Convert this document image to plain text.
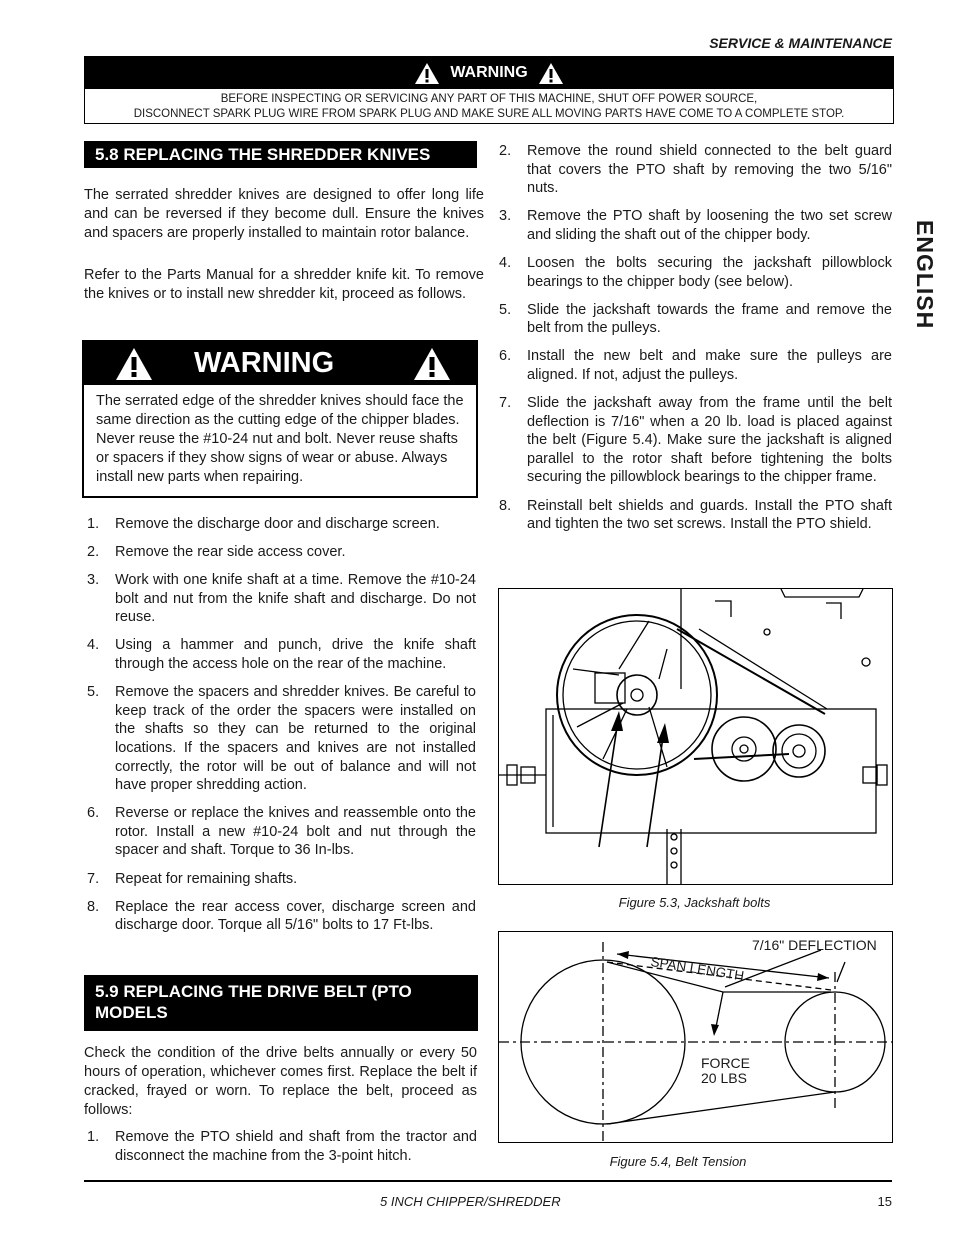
SERVICE & MAINTENANCE
WARNING
BEFORE INSPECTING OR SERVICING ANY PART OF THIS MACHINE, SHUT OFF POWER SOURCE,
DISCONNECT SPARK PLUG WIRE FROM SPARK PLUG AND MAKE SURE ALL MOVING PARTS HAVE COME TO A COMPLETE STOP.
ENGLISH
5.8 REPLACING THE SHREDDER KNIVES

The serrated shredder knives are designed to offer long life and can be reversed if they become dull. Ensure the knives and spacers are properly installed to maintain rotor balance.

Refer to the Parts Manual for a shredder knife kit. To remove the knives or to install new shredder kit, proceed as follows.

WARNING
The serrated edge of the shredder knives should face the same direction as the cutting edge of the chipper blades. Never reuse the #10-24 nut and bolt. Never reuse shafts or spacers if they show signs of wear or abuse. Always install new parts when repairing.
1. Remove the discharge door and discharge screen.
2. Remove the rear side access cover.
3. Work with one knife shaft at a time. Remove the #10-24 bolt and nut from the knife shaft and discharge. Do not reuse.
4. Using a hammer and punch, drive the knife shaft through the access hole on the rear of the machine.
5. Remove the spacers and shredder knives. Be careful to keep track of the order the spacers were installed on the shafts so they can be returned to the original locations. If the spacers and knives are not installed correctly, the rotor will be out of balance and will not have proper shredding action.
6. Reverse or replace the knives and reassemble onto the rotor. Install a new #10-24 bolt and nut through the spacer and shaft. Torque to 36 In-lbs.
7. Repeat for remaining shafts.
8. Replace the rear access cover, discharge screen and discharge door. Torque all 5/16" bolts to 17 Ft-lbs.
5.9 REPLACING THE DRIVE BELT (PTO MODELS

Check the condition of the drive belts annually or every 50 hours of operation, whichever comes first. Replace the belt if cracked, frayed or worn. To replace the belt, proceed as follows:

1. Remove the PTO shield and shaft from the tractor and disconnect the machine from the 3-point hitch.
2. Remove the round shield connected to the belt guard that covers the PTO shaft by removing the two 5/16" nuts.
3. Remove the PTO shaft by loosening the two set screw and sliding the shaft out of the chipper body.
4. Loosen the bolts securing the jackshaft pillowblock bearings to the chipper body (see below).
5. Slide the jackshaft towards the frame and remove the belt from the pulleys.
6. Install the new belt and make sure the pulleys are aligned. If not, adjust the pulleys.
7. Slide the jackshaft away from the frame until the belt deflection is 7/16" when a 20 lb. load is placed against the belt (Figure 5.4). Make sure the jackshaft is aligned parallel to the rotor shaft before tightening the bolts securing the pillowblock bearings to the chipper frame.
8. Reinstall belt shields and guards. Install the PTO shaft and tighten the two set screws. Install the PTO shield.
Figure 5.3, Jackshaft bolts
7/16" DEFLECTION
SPAN LENGTH
FORCE
20 LBS
Figure 5.4, Belt Tension
5 INCH CHIPPER/SHREDDER	15
